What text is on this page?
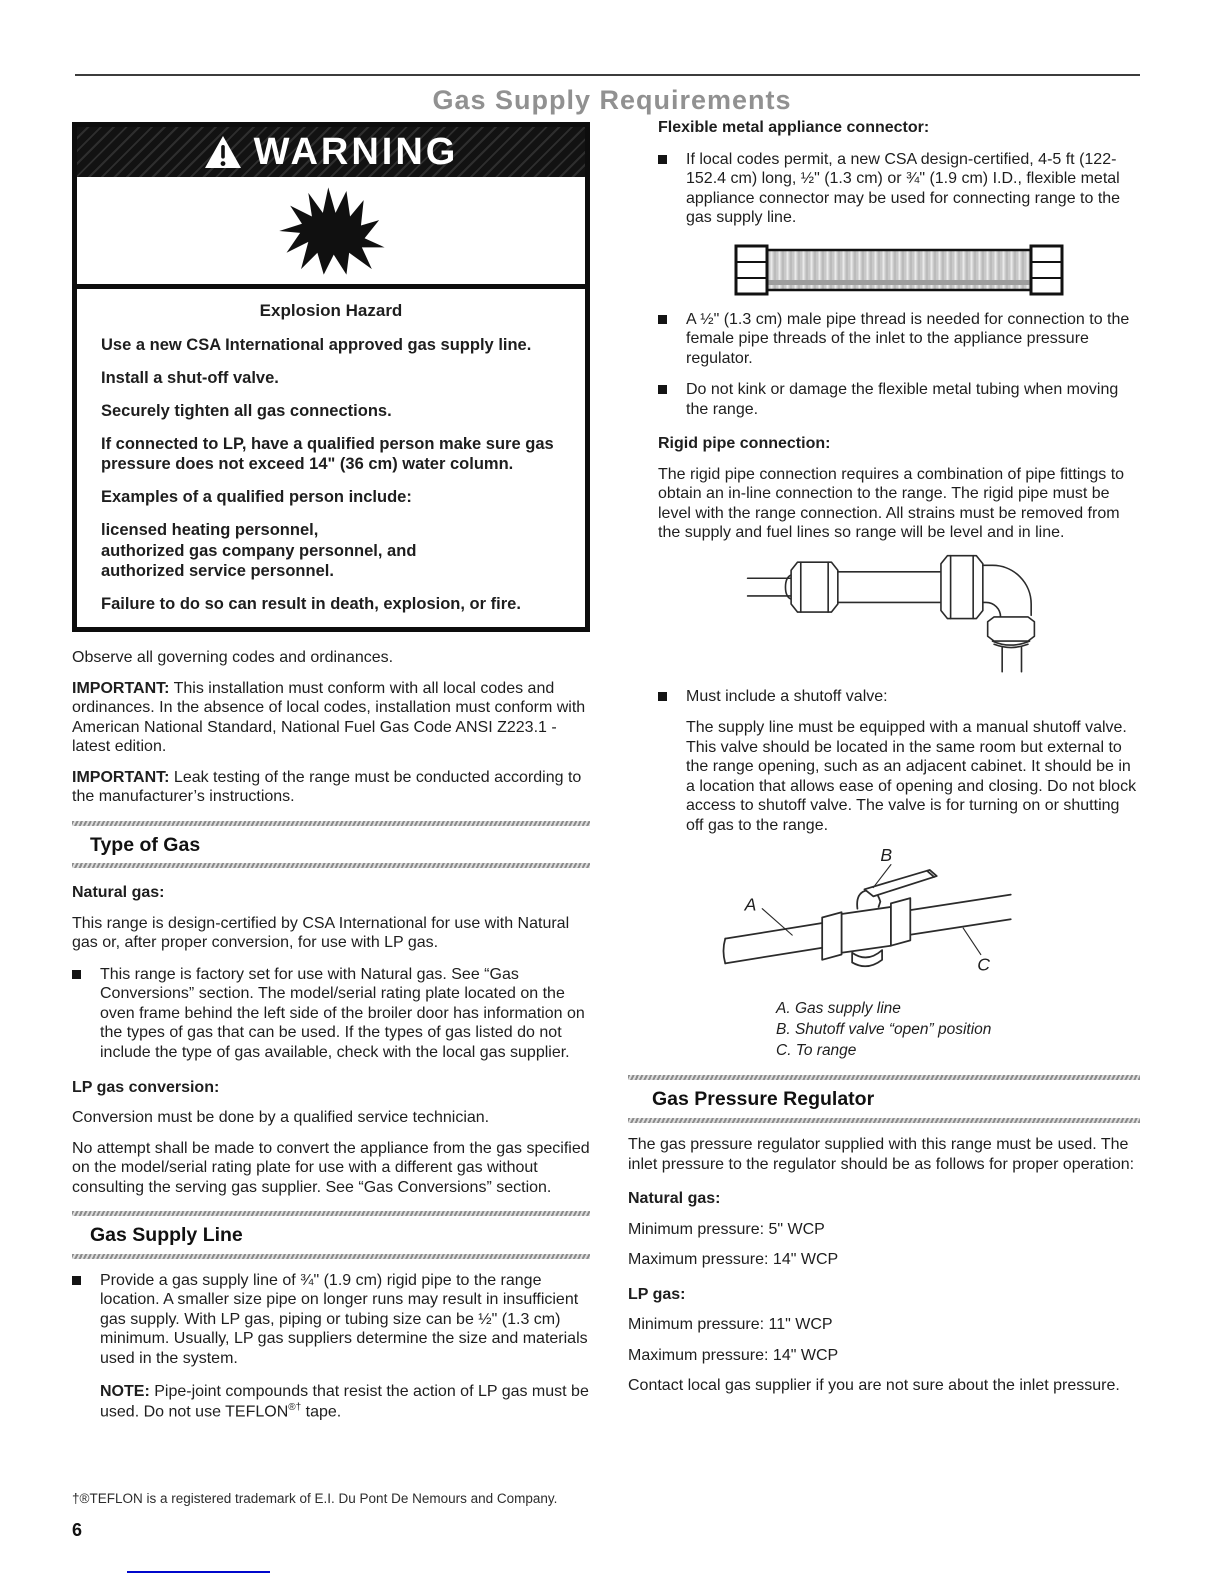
Gas Supply Requirements
WARNING

Explosion Hazard

Use a new CSA International approved gas supply line.

Install a shut-off valve.

Securely tighten all gas connections.

If connected to LP, have a qualified person make sure gas pressure does not exceed 14" (36 cm) water column.

Examples of a qualified person include:

licensed heating personnel,
authorized gas company personnel, and
authorized service personnel.

Failure to do so can result in death, explosion, or fire.

Observe all governing codes and ordinances.

IMPORTANT: This installation must conform with all local codes and ordinances. In the absence of local codes, installation must conform with American National Standard, National Fuel Gas Code ANSI Z223.1 - latest edition.

IMPORTANT: Leak testing of the range must be conducted according to the manufacturer’s instructions.

Type of Gas

Natural gas:

This range is design-certified by CSA International for use with Natural gas or, after proper conversion, for use with LP gas.

This range is factory set for use with Natural gas. See “Gas Conversions” section. The model/serial rating plate located on the oven frame behind the left side of the broiler door has information on the types of gas that can be used. If the types of gas listed do not include the type of gas available, check with the local gas supplier.

LP gas conversion:

Conversion must be done by a qualified service technician.

No attempt shall be made to convert the appliance from the gas specified on the model/serial rating plate for use with a different gas without consulting the serving gas supplier. See “Gas Conversions” section.

Gas Supply Line
Provide a gas supply line of ¾" (1.9 cm) rigid pipe to the range location. A smaller size pipe on longer runs may result in insufficient gas supply. With LP gas, piping or tubing size can be ½" (1.3 cm) minimum. Usually, LP gas suppliers determine the size and materials used in the system.

NOTE: Pipe-joint compounds that resist the action of LP gas must be used. Do not use TEFLON®† tape.

Flexible metal appliance connector:

If local codes permit, a new CSA design-certified, 4-5 ft (122-152.4 cm) long, ½" (1.3 cm) or ¾" (1.9 cm) I.D., flexible metal appliance connector may be used for connecting range to the gas supply line.
A ½" (1.3 cm) male pipe thread is needed for connection to the female pipe threads of the inlet to the appliance pressure regulator.
Do not kink or damage the flexible metal tubing when moving the range.

Rigid pipe connection:

The rigid pipe connection requires a combination of pipe fittings to obtain an in-line connection to the range. The rigid pipe must be level with the range connection. All strains must be removed from the supply and fuel lines so range will be level and in line.

Must include a shutoff valve:

The supply line must be equipped with a manual shutoff valve. This valve should be located in the same room but external to the range opening, such as an adjacent cabinet. It should be in a location that allows ease of opening and closing. Do not block access to shutoff valve. The valve is for turning on or shutting off gas to the range.

A
B
C
A. Gas supply line
B. Shutoff valve “open” position
C. To range
Gas Pressure Regulator

The gas pressure regulator supplied with this range must be used. The inlet pressure to the regulator should be as follows for proper operation:

Natural gas:

Minimum pressure: 5" WCP

Maximum pressure: 14" WCP

LP gas:

Minimum pressure: 11" WCP

Maximum pressure: 14" WCP

Contact local gas supplier if you are not sure about the inlet pressure.

†®TEFLON is a registered trademark of E.I. Du Pont De Nemours and Company.
6
